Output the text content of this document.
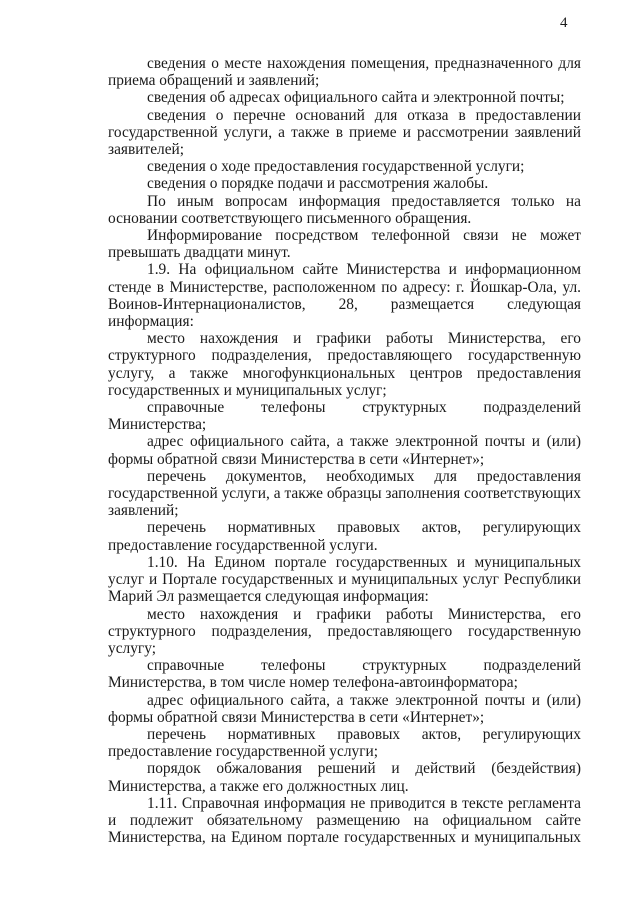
4

сведения о месте нахождения помещения, предназначенного для приема обращений и заявлений;

сведения об адресах официального сайта и электронной почты;

сведения о перечне оснований для отказа в предоставлении государственной услуги, а также в приеме и рассмотрении заявлений заявителей;

сведения о ходе предоставления государственной услуги;

сведения о порядке подачи и рассмотрения жалобы.

По иным вопросам информация предоставляется только на основании соответствующего письменного обращения.

Информирование посредством телефонной связи не может превышать двадцати минут.

1.9. На официальном сайте Министерства и информационном стенде в Министерстве, расположенном по адресу: г. Йошкар-Ола, ул. Воинов-Интернационалистов, 28, размещается следующая информация:

место нахождения и графики работы Министерства, его структурного подразделения, предоставляющего государственную услугу, а также многофункциональных центров предоставления государственных и муниципальных услуг;

справочные телефоны структурных подразделений Министерства;

адрес официального сайта, а также электронной почты и (или) формы обратной связи Министерства в сети «Интернет»;

перечень документов, необходимых для предоставления государственной услуги, а также образцы заполнения соответствующих заявлений;

перечень нормативных правовых актов, регулирующих предоставление государственной услуги.

1.10. На Едином портале государственных и муниципальных услуг и Портале государственных и муниципальных услуг Республики Марий Эл размещается следующая информация:

место нахождения и графики работы Министерства, его структурного подразделения, предоставляющего государственную услугу;

справочные телефоны структурных подразделений Министерства, в том числе номер телефона-автоинформатора;

адрес официального сайта, а также электронной почты и (или) формы обратной связи Министерства в сети «Интернет»;

перечень нормативных правовых актов, регулирующих предоставление государственной услуги;

порядок обжалования решений и действий (бездействия) Министерства, а также его должностных лиц.

1.11. Справочная информация не приводится в тексте регламента и подлежит обязательному размещению на официальном сайте Министерства, на Едином портале государственных и муниципальных
